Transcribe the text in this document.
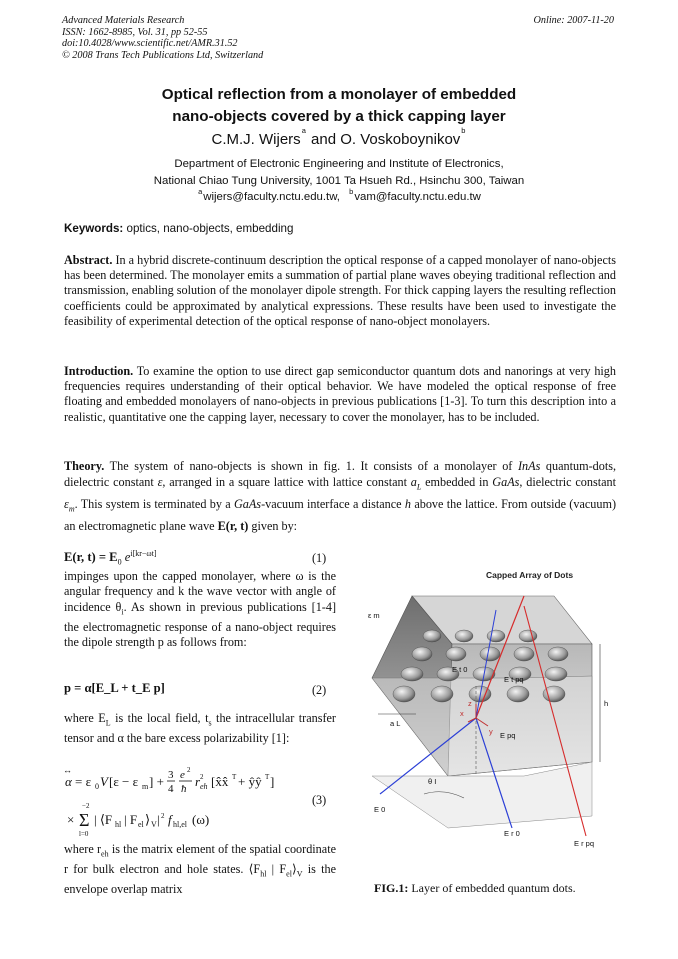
Advanced Materials Research
ISSN: 1662-8985, Vol. 31, pp 52-55
doi:10.4028/www.scientific.net/AMR.31.52
© 2008 Trans Tech Publications Ltd, Switzerland
Online: 2007-11-20
Optical reflection from a monolayer of embedded
nano-objects covered by a thick capping layer
C.M.J. Wijers$^a$ and O. Voskoboynikov$^b$
Department of Electronic Engineering and Institute of Electronics,
National Chiao Tung University, 1001 Ta Hsueh Rd., Hsinchu 300, Taiwan
$^a$wijers@faculty.nctu.edu.tw, $^b$vam@faculty.nctu.edu.tw
Keywords: optics, nano-objects, embedding
Abstract. In a hybrid discrete-continuum description the optical response of a capped monolayer of nano-objects has been determined. The monolayer emits a summation of partial plane waves obeying traditional reflection and transmission, enabling solution of the monolayer dipole strength. For thick capping layers the resulting reflection coefficients could be approximated by analytical expressions. These results have been used to investigate the feasibility of experimental detection of the optical response of nano-object monolayers.
Introduction. To examine the option to use direct gap semiconductor quantum dots and nanorings at very high frequencies requires understanding of their optical behavior. We have modeled the optical response of free floating and embedded monolayers of nano-objects in previous publications [1-3]. To turn this description into a realistic, quantitative one the capping layer, necessary to cover the monolayer, has to be included.
Theory. The system of nano-objects is shown in fig. 1. It consists of a monolayer of InAs quantum-dots, dielectric constant ε, arranged in a square lattice with lattice constant $a_L$ embedded in GaAs, dielectric constant $\varepsilon_m$. This system is terminated by a GaAs-vacuum interface a distance h above the lattice. From outside (vacuum) an electromagnetic plane wave E(r, t) given by:
E(r, $t) = E_0$ $e^{i[kr-\omega t]}$	(1)
impinges upon the capped monolayer, where ω is the angular frequency and k the wave vector with angle of incidence $\theta_i$. As shown in previous publications [1-4] the electromagnetic response of a nano-object requires the dipole strength p as follows from:
p = α[E_L + t_E p]	(2)
where $E_L$ is the local field, $t_s$ the intracellular transfer tensor and α the bare excess polarizability [1]:
α
↔
= ε 0 V [ε − ε m ] + 3
4
e 2
ħ r eh
2 [x̂x̂ T + ŷŷ T ]
× Σ
−2
l=0
| ⟨F hl | F el ⟩ V | 2 f hl,el (ω)
(3)
where $r_{eh}$ is the matrix element of the spatial coordinate r for bulk electron and hole states. $⟨F_{hl}$ | $F_{el}⟩_V$ is the envelope overlap matrix
Capped Array of Dots
ε m
a L
h
θ I
E 0
E t 0
E t pq
E r 0
E r pq
E pq
x
y
z
FIG.1: Layer of embedded quantum dots.
